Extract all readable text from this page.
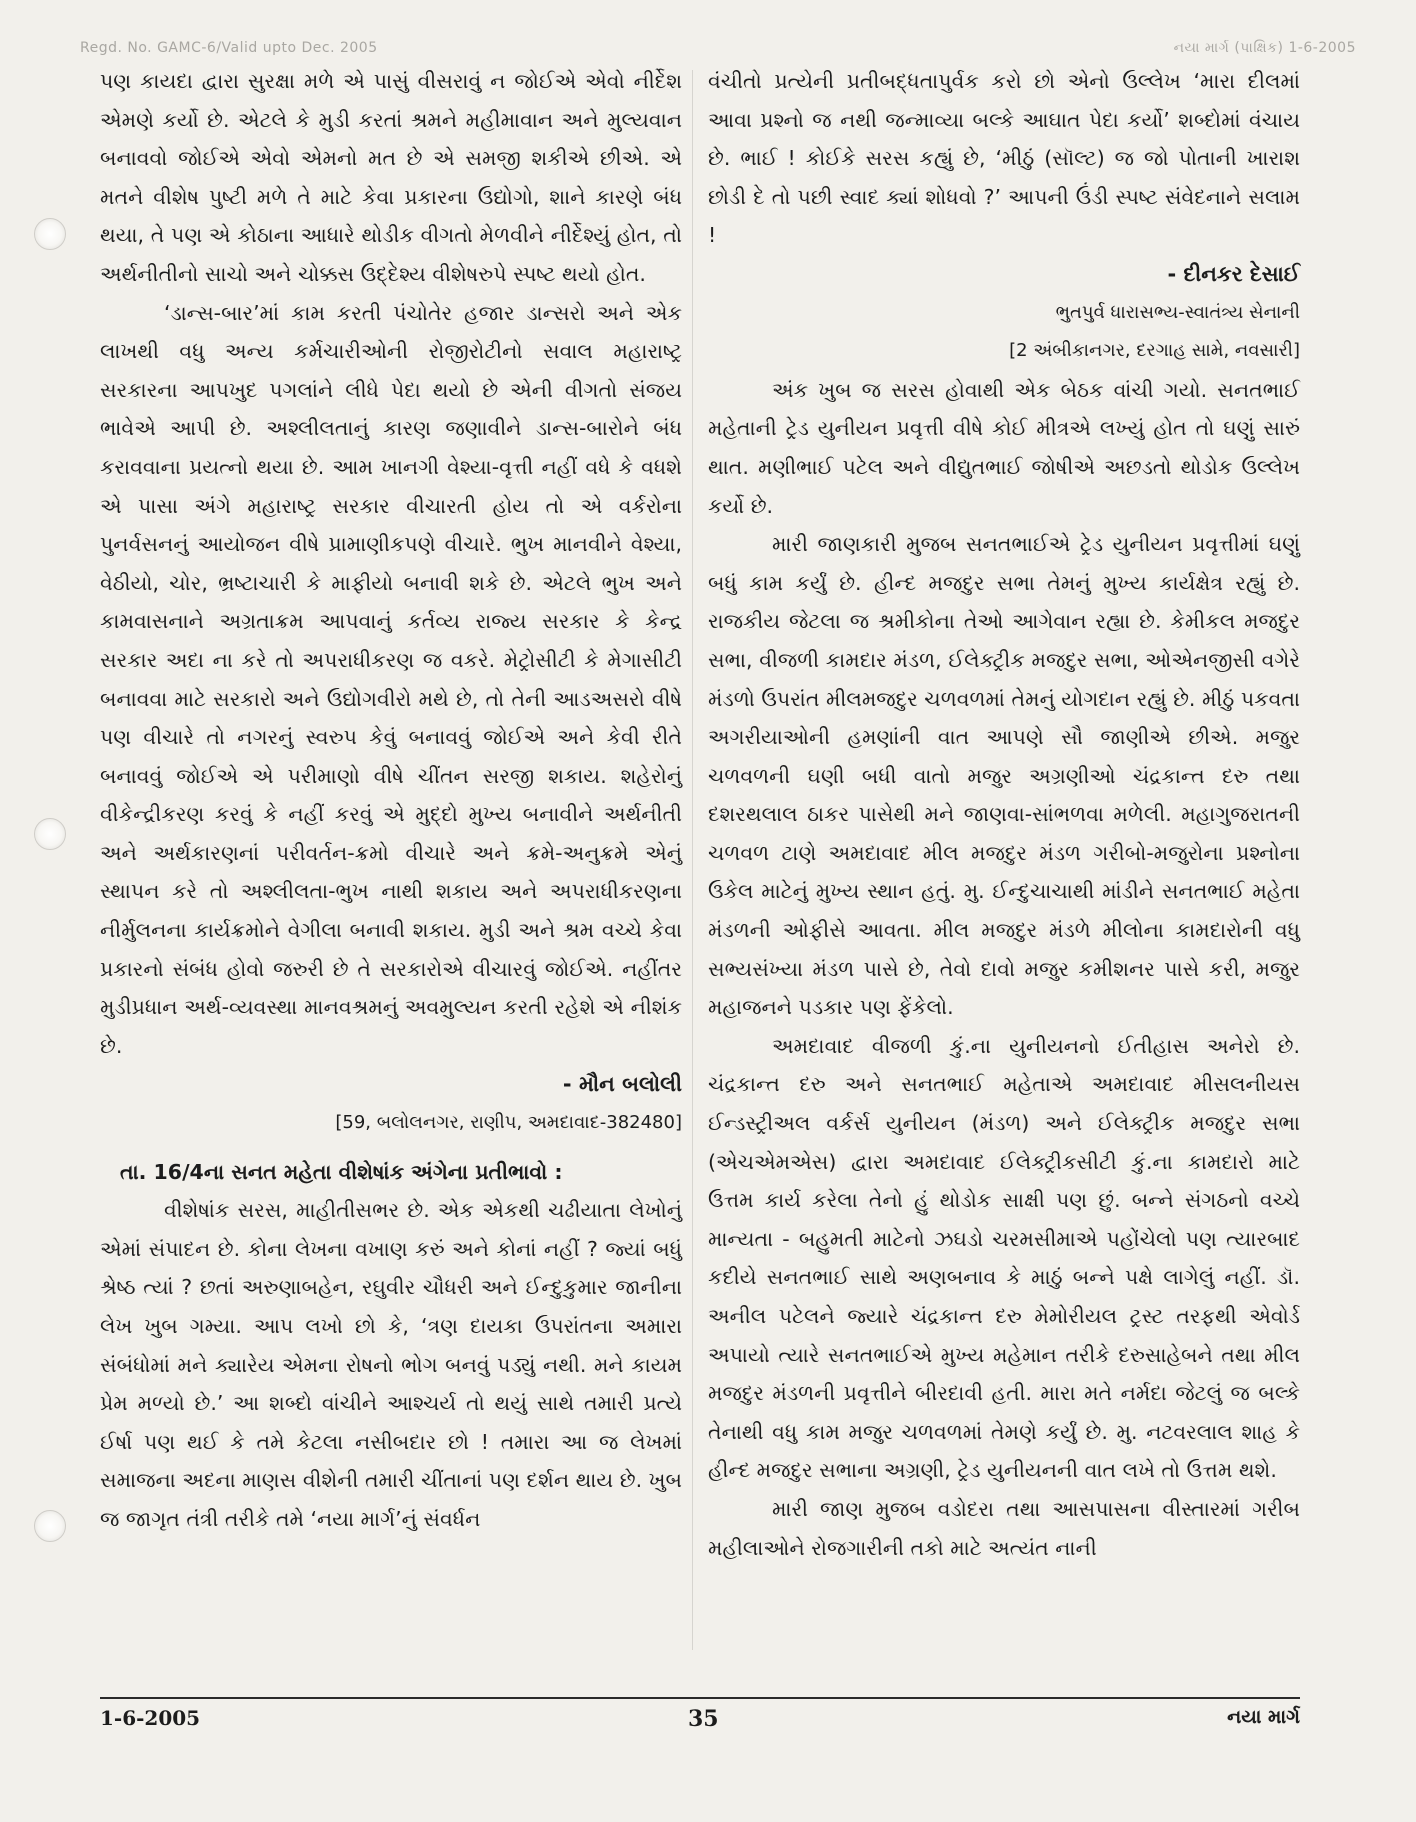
Regd. No. GAMC-6/Valid upto Dec. 2005	નયા માર્ગ (પાક્ષિક) 1-6-2005

પણ કાયદા દ્વારા સુરક્ષા મળે એ પાસું વીસરાવું ન જોઈએ એવો નીર્દેશ એમણે કર્યો છે. એટલે કે મુડી કરતાં શ્રમને મહીમાવાન અને મુલ્યવાન બનાવવો જોઈએ એવો એમનો મત છે એ સમજી શકીએ છીએ. એ મતને વીશેષ પુષ્ટી મળે તે માટે કેવા પ્રકારના ઉદ્યોગો, શાને કારણે બંધ થયા, તે પણ એ કોઠાના આધારે થોડીક વીગતો મેળવીને નીર્દેશ્યું હોત, તો અર્થનીતીનો સાચો અને ચોક્કસ ઉદ્દેશ્ય વીશેષરુપે સ્પષ્ટ થયો હોત.

‘ડાન્સ-બાર’માં કામ કરતી પંચોતેર હજાર ડાન્સરો અને એક લાખથી વધુ અન્ય કર્મચારીઓની રોજીરોટીનો સવાલ મહારાષ્ટ્ર સરકારના આપખુદ પગલાંને લીધે પેદા થયો છે એની વીગતો સંજય ભાવેએ આપી છે. અશ્લીલતાનું કારણ જણાવીને ડાન્સ-બારોને બંધ કરાવવાના પ્રયત્નો થયા છે. આમ ખાનગી વેશ્યા-વૃત્તી નહીં વધે કે વધશે એ પાસા અંગે મહારાષ્ટ્ર સરકાર વીચારતી હોય તો એ વર્કરોના પુનર્વસનનું આયોજન વીષે પ્રામાણીકપણે વીચારે. ભુખ માનવીને વેશ્યા, વેઠીયો, ચોર, ભ્રષ્ટાચારી કે માફીયો બનાવી શકે છે. એટલે ભુખ અને કામવાસનાને અગ્રતાક્રમ આપવાનું કર્તવ્ય રાજ્ય સરકાર કે કેન્દ્ર સરકાર અદા ના કરે તો અપરાધીકરણ જ વકરે. મેટ્રોસીટી કે મેગાસીટી બનાવવા માટે સરકારો અને ઉદ્યોગવીરો મથે છે, તો તેની આડઅસરો વીષે પણ વીચારે તો નગરનું સ્વરુપ કેવું બનાવવું જોઈએ અને કેવી રીતે બનાવવું જોઈએ એ પરીમાણો વીષે ચીંતન સરજી શકાય. શહેરોનું વીકેન્દ્રીકરણ કરવું કે નહીં કરવું એ મુદ્દો મુખ્ય બનાવીને અર્થનીતી અને અર્થકારણનાં પરીવર્તન-ક્રમો વીચારે અને ક્રમે-અનુક્રમે એનું સ્થાપન કરે તો અશ્લીલતા-ભુખ નાથી શકાય અને અપરાધીકરણના નીર્મુલનના કાર્યક્રમોને વેગીલા બનાવી શકાય. મુડી અને શ્રમ વચ્ચે કેવા પ્રકારનો સંબંધ હોવો જરુરી છે તે સરકારોએ વીચારવું જોઈએ. નહીંતર મુડીપ્રધાન અર્થ-વ્યવસ્થા માનવશ્રમનું અવમુલ્યન કરતી રહેશે એ નીશંક છે.

- મૌન બલોલી

[59, બલોલનગર, રાણીપ, અમદાવાદ-382480]

તા. 16/4ના સનત મહેતા વીશેષાંક અંગેના પ્રતીભાવો :

વીશેષાંક સરસ, માહીતીસભર છે. એક એકથી ચઢીયાતા લેખોનું એમાં સંપાદન છે. કોના લેખના વખાણ કરું અને કોનાં નહીં ? જ્યાં બધું શ્રેષ્ઠ ત્યાં ? છતાં અરુણાબહેન, રઘુવીર ચૌધરી અને ઈન્દુકુમાર જાનીના લેખ ખુબ ગમ્યા. આપ લખો છો કે, ‘ત્રણ દાયકા ઉપરાંતના અમારા સંબંધોમાં મને ક્યારેય એમના રોષનો ભોગ બનવું પડ્યું નથી. મને કાયમ પ્રેમ મળ્યો છે.’ આ શબ્દો વાંચીને આશ્ચર્ય તો થયું સાથે તમારી પ્રત્યે ઈર્ષા પણ થઈ કે તમે કેટલા નસીબદાર છો ! તમારા આ જ લેખમાં સમાજના અદના માણસ વીશેની તમારી ચીંતાનાં પણ દર્શન થાય છે. ખુબ જ જાગૃત તંત્રી તરીકે તમે ‘નયા માર્ગ’નું સંવર્ધન

વંચીતો પ્રત્યેની પ્રતીબદ્ધતાપુર્વક કરો છો એનો ઉલ્લેખ ‘મારા દીલમાં આવા પ્રશ્નો જ નથી જન્માવ્યા બલ્કે આઘાત પેદા કર્યો’ શબ્દોમાં વંચાય છે. ભાઈ ! કોઈકે સરસ કહ્યું છે, ‘મીઠું (સૉલ્ટ) જ જો પોતાની ખારાશ છોડી દે તો પછી સ્વાદ ક્યાં શોધવો ?’ આપની ઉંડી સ્પષ્ટ સંવેદનાને સલામ !

- દીનકર દેસાઈ

ભુતપુર્વ ધારાસભ્ય-સ્વાતંત્ર્ય સેનાની

[2 અંબીકાનગર, દરગાહ સામે, નવસારી]

અંક ખુબ જ સરસ હોવાથી એક બેઠક વાંચી ગયો. સનતભાઈ મહેતાની ટ્રેડ યુનીયન પ્રવૃત્તી વીષે કોઈ મીત્રએ લખ્યું હોત તો ઘણું સારું થાત. મણીભાઈ પટેલ અને વીદ્યુતભાઈ જોષીએ અછડતો થોડોક ઉલ્લેખ કર્યો છે.

મારી જાણકારી મુજબ સનતભાઈએ ટ્રેડ યુનીયન પ્રવૃત્તીમાં ઘણું બધું કામ કર્યું છે. હીન્દ મજદુર સભા તેમનું મુખ્ય કાર્યક્ષેત્ર રહ્યું છે. રાજકીય જેટલા જ શ્રમીકોના તેઓ આગેવાન રહ્યા છે. કેમીકલ મજદુર સભા, વીજળી કામદાર મંડળ, ઈલેક્ટ્રીક મજદુર સભા, ઓએનજીસી વગેરે મંડળો ઉપરાંત મીલમજદુર ચળવળમાં તેમનું યોગદાન રહ્યું છે. મીઠું પકવતા અગરીયાઓની હમણાંની વાત આપણે સૌ જાણીએ છીએ. મજુર ચળવળની ઘણી બધી વાતો મજુર અગ્રણીઓ ચંદ્રકાન્ત દરુ તથા દશરથલાલ ઠાકર પાસેથી મને જાણવા-સાંભળવા મળેલી. મહાગુજરાતની ચળવળ ટાણે અમદાવાદ મીલ મજદુર મંડળ ગરીબો-મજુરોના પ્રશ્નોના ઉકેલ માટેનું મુખ્ય સ્થાન હતું. મુ. ઈન્દુચાચાથી માંડીને સનતભાઈ મહેતા મંડળની ઓફીસે આવતા. મીલ મજદુર મંડળે મીલોના કામદારોની વધુ સભ્યસંખ્યા મંડળ પાસે છે, તેવો દાવો મજુર કમીશનર પાસે કરી, મજુર મહાજનને પડકાર પણ ફેંકેલો.

અમદાવાદ વીજળી કું.ના યુનીયનનો ઈતીહાસ અનેરો છે. ચંદ્રકાન્ત દરુ અને સનતભાઈ મહેતાએ અમદાવાદ મીસલનીયસ ઈન્ડસ્ટ્રીઅલ વર્કર્સ યુનીયન (મંડળ) અને ઈલેક્ટ્રીક મજદુર સભા (એચએમએસ) દ્વારા અમદાવાદ ઈલેક્ટ્રીકસીટી કું.ના કામદારો માટે ઉત્તમ કાર્ય કરેલા તેનો હું થોડોક સાક્ષી પણ છું. બન્ને સંગઠનો વચ્ચે માન્યતા - બહુમતી માટેનો ઝઘડો ચરમસીમાએ પહોંચેલો પણ ત્યારબાદ કદીયે સનતભાઈ સાથે અણબનાવ કે માઠું બન્ને પક્ષે લાગેલું નહીં. ડૉ. અનીલ પટેલને જ્યારે ચંદ્રકાન્ત દરુ મેમોરીયલ ટ્રસ્ટ તરફથી એવોર્ડ અપાયો ત્યારે સનતભાઈએ મુખ્ય મહેમાન તરીકે દરુસાહેબને તથા મીલ મજદુર મંડળની પ્રવૃત્તીને બીરદાવી હતી. મારા મતે નર્મદા જેટલું જ બલ્કે તેનાથી વધુ કામ મજુર ચળવળમાં તેમણે કર્યું છે. મુ. નટવરલાલ શાહ કે હીન્દ મજદુર સભાના અગ્રણી, ટ્રેડ યુનીયનની વાત લખે તો ઉત્તમ થશે.

મારી જાણ મુજબ વડોદરા તથા આસપાસના વીસ્તારમાં ગરીબ મહીલાઓને રોજગારીની તકો માટે અત્યંત નાની

1-6-2005	35	નયા માર્ગ
